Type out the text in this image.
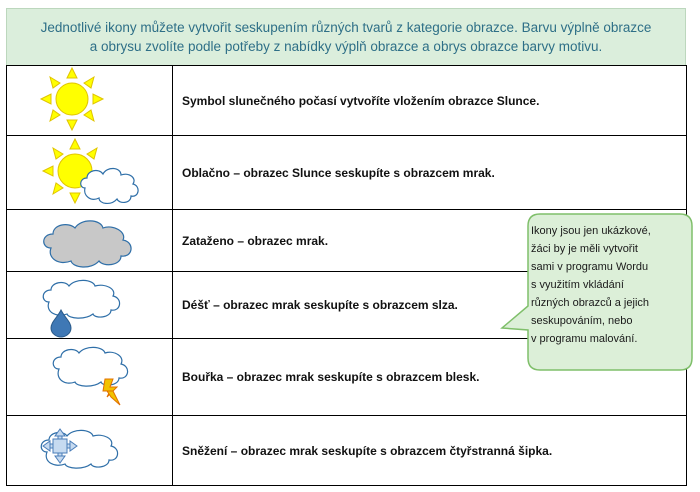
Jednotlivé ikony můžete vytvořit seskupením různých tvarů z kategorie obrazce. Barvu výplně obrazce
a obrysu zvolíte podle potřeby z nabídky výplň obrazce a obrys obrazce barvy motivu.
	Symbol slunečného počasí vytvoříte vložením obrazce Slunce.

	Oblačno – obrazec Slunce seskupíte s obrazcem mrak.

	Zataženo – obrazec mrak.

	Déšť – obrazec mrak seskupíte s obrazcem slza.

	Bouřka – obrazec mrak seskupíte s obrazcem blesk.

	Sněžení – obrazec mrak seskupíte s obrazcem čtyřstranná šipka.
Ikony jsou jen ukázkové,
žáci by je měli vytvořit
sami v programu Wordu
s využitím vkládání
různých obrazců a jejich
seskupováním, nebo
v programu malování.
